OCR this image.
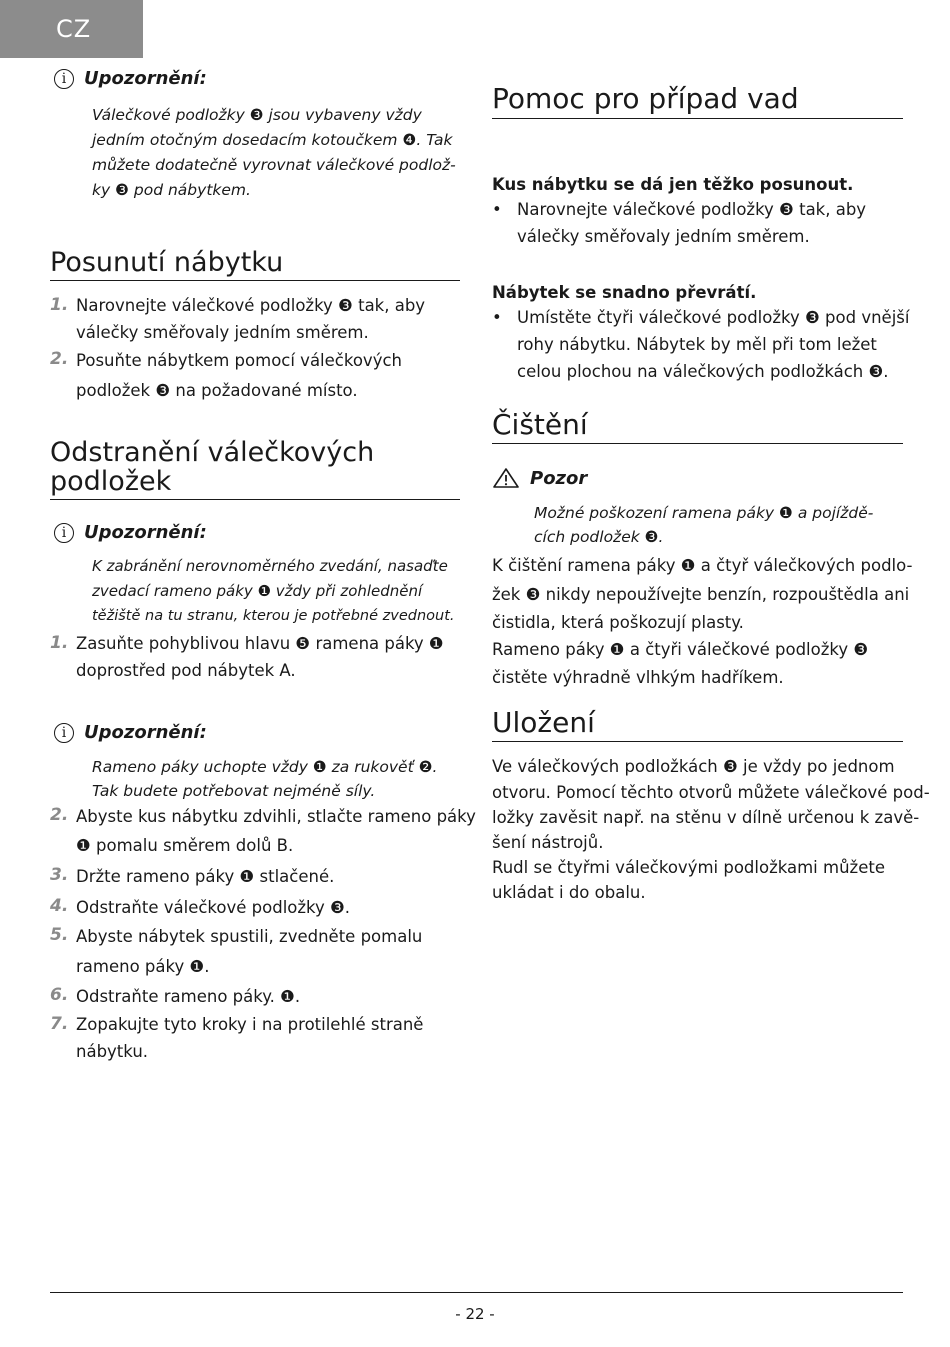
CZ
i Upozornění:

Válečkové podložky ❸ jsou vybaveny vždy

jedním otočným dosedacím kotoučkem ❹. Tak

můžete dodatečně vyrovnat válečkové podlož-

ky ❸ pod nábytkem.

Posunutí nábytku
1. Narovnejte válečkové podložky ❸ tak, aby

válečky směřovaly jedním směrem.

2. Posuňte nábytkem pomocí válečkových

podložek ❸ na požadované místo.

Odstranění válečkových
podložek
i Upozornění:

K zabránění nerovnoměrného zvedání, nasaďte

zvedací rameno páky ❶ vždy při zohlednění

těžiště na tu stranu, kterou je potřebné zvednout.

1. Zasuňte pohyblivou hlavu ❺ ramena páky ❶

doprostřed pod nábytek A.

i Upozornění:

Rameno páky uchopte vždy ❶ za rukověť ❷.

Tak budete potřebovat nejméně síly.

2. Abyste kus nábytku zdvihli, stlačte rameno páky

❶ pomalu směrem dolů B.

3. Držte rameno páky ❶ stlačené.

4. Odstraňte válečkové podložky ❸.

5. Abyste nábytek spustili, zvedněte pomalu

rameno páky ❶.

6. Odstraňte rameno páky. ❶.

7. Zopakujte tyto kroky i na protilehlé straně

nábytku.

Pomoc pro případ vad

Kus nábytku se dá jen těžko posunout.

• Narovnejte válečkové podložky ❸ tak, aby

válečky směřovaly jedním směrem.

Nábytek se snadno převrátí.

• Umístěte čtyři válečkové podložky ❸ pod vnější

rohy nábytku. Nábytek by měl při tom ležet

celou plochou na válečkových podložkách ❸.

Čištění
Pozor

Možné poškození ramena páky ❶ a pojíždě-

cích podložek ❸.

K čištění ramena páky ❶ a čtyř válečkových podlo-

žek ❸ nikdy nepoužívejte benzín, rozpouštědla ani

čistidla, která poškozují plasty.

Rameno páky ❶ a čtyři válečkové podložky ❸

čistěte výhradně vlhkým hadříkem.

Uložení

Ve válečkových podložkách ❸ je vždy po jednom

otvoru. Pomocí těchto otvorů můžete válečkové pod-

ložky zavěsit např. na stěnu v dílně určenou k zavě-

šení nástrojů.

Rudl se čtyřmi válečkovými podložkami můžete

ukládat i do obalu.

- 22 -
